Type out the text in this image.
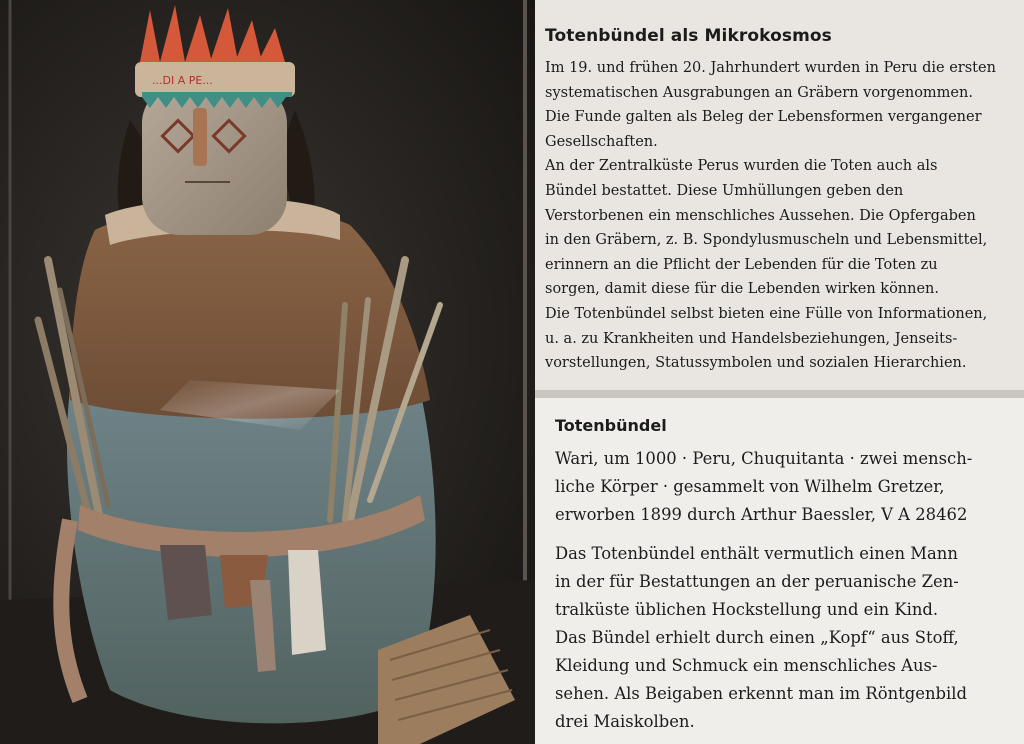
...DI A PE...
Totenbündel als Mikrokosmos

Im 19. und frühen 20. Jahrhundert wurden in Peru die ersten
systematischen Ausgrabungen an Gräbern vorgenommen.
Die Funde galten als Beleg der Lebensformen vergangener
Gesellschaften.
An der Zentralküste Perus wurden die Toten auch als
Bündel bestattet. Diese Umhüllungen geben den
Verstorbenen ein menschliches Aussehen. Die Opfergaben
in den Gräbern, z. B. Spondylusmuscheln und Lebensmittel,
erinnern an die Pflicht der Lebenden für die Toten zu
sorgen, damit diese für die Lebenden wirken können.
Die Totenbündel selbst bieten eine Fülle von Informationen,
u. a. zu Krankheiten und Handelsbeziehungen, Jenseits-
vorstellungen, Statussymbolen und sozialen Hierarchien.

Totenbündel

Wari, um 1000 · Peru, Chuquitanta · zwei mensch-
liche Körper · gesammelt von Wilhelm Gretzer,
erworben 1899 durch Arthur Baessler, V A 28462

Das Totenbündel enthält vermutlich einen Mann
in der für Bestattungen an der peruanische Zen-
tralküste üblichen Hockstellung und ein Kind.
Das Bündel erhielt durch einen „Kopf“ aus Stoff,
Kleidung und Schmuck ein menschliches Aus-
sehen. Als Beigaben erkennt man im Röntgenbild
drei Maiskolben.
